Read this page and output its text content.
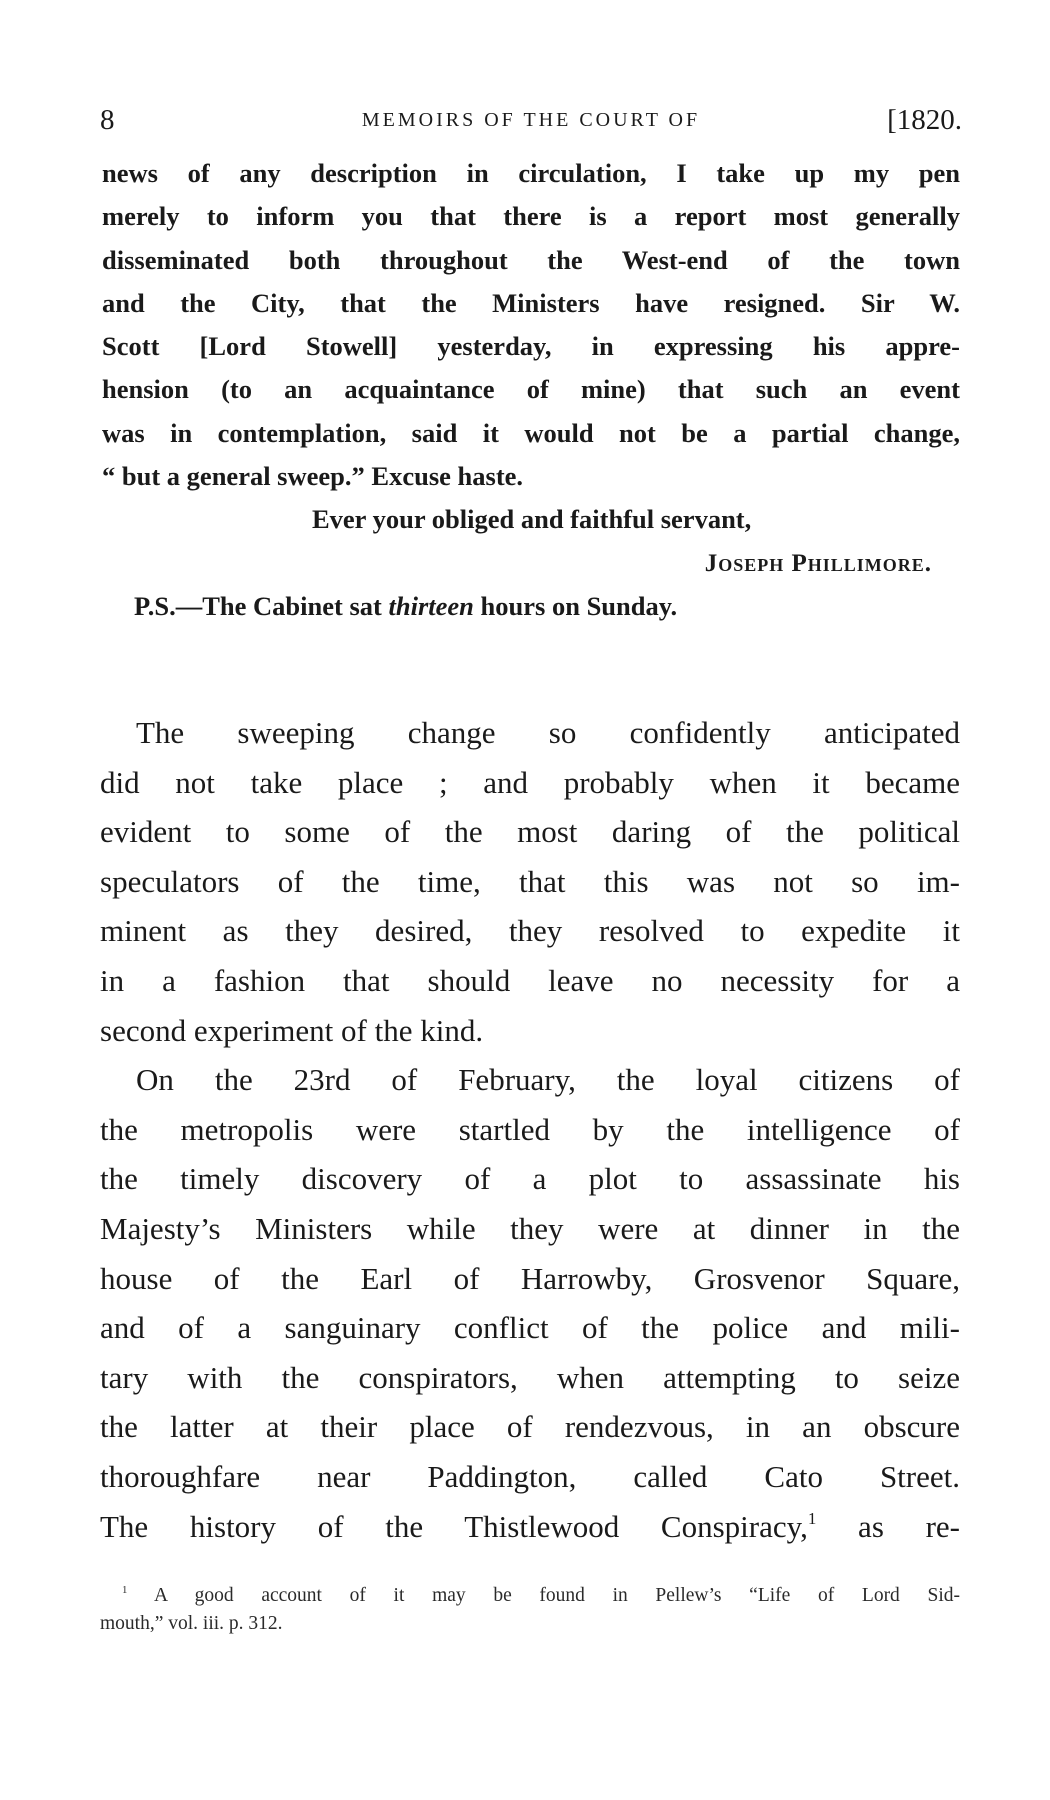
8	MEMOIRS OF THE COURT OF	[1820.
news of any description in circulation, I take up my pen
merely to inform you that there is a report most generally
disseminated both throughout the West-end of the town
and the City, that the Ministers have resigned. Sir W.
Scott [Lord Stowell] yesterday, in expressing his appre-
hension (to an acquaintance of mine) that such an event
was in contemplation, said it would not be a partial change,
“ but a general sweep.” Excuse haste.
Ever your obliged and faithful servant,
Joseph Phillimore.
P.S.—The Cabinet sat thirteen hours on Sunday.
The sweeping change so confidently anticipated
did not take place ; and probably when it became
evident to some of the most daring of the political
speculators of the time, that this was not so im-
minent as they desired, they resolved to expedite it
in a fashion that should leave no necessity for a
second experiment of the kind.
On the 23rd of February, the loyal citizens of
the metropolis were startled by the intelligence of
the timely discovery of a plot to assassinate his
Majesty’s Ministers while they were at dinner in the
house of the Earl of Harrowby, Grosvenor Square,
and of a sanguinary conflict of the police and mili-
tary with the conspirators, when attempting to seize
the latter at their place of rendezvous, in an obscure
thoroughfare near Paddington, called Cato Street.
The history of the Thistlewood Conspiracy,$^1$ as re-
$^1$ A good account of it may be found in Pellew’s “Life of Lord Sid-
mouth,” vol. iii. p. 312.
